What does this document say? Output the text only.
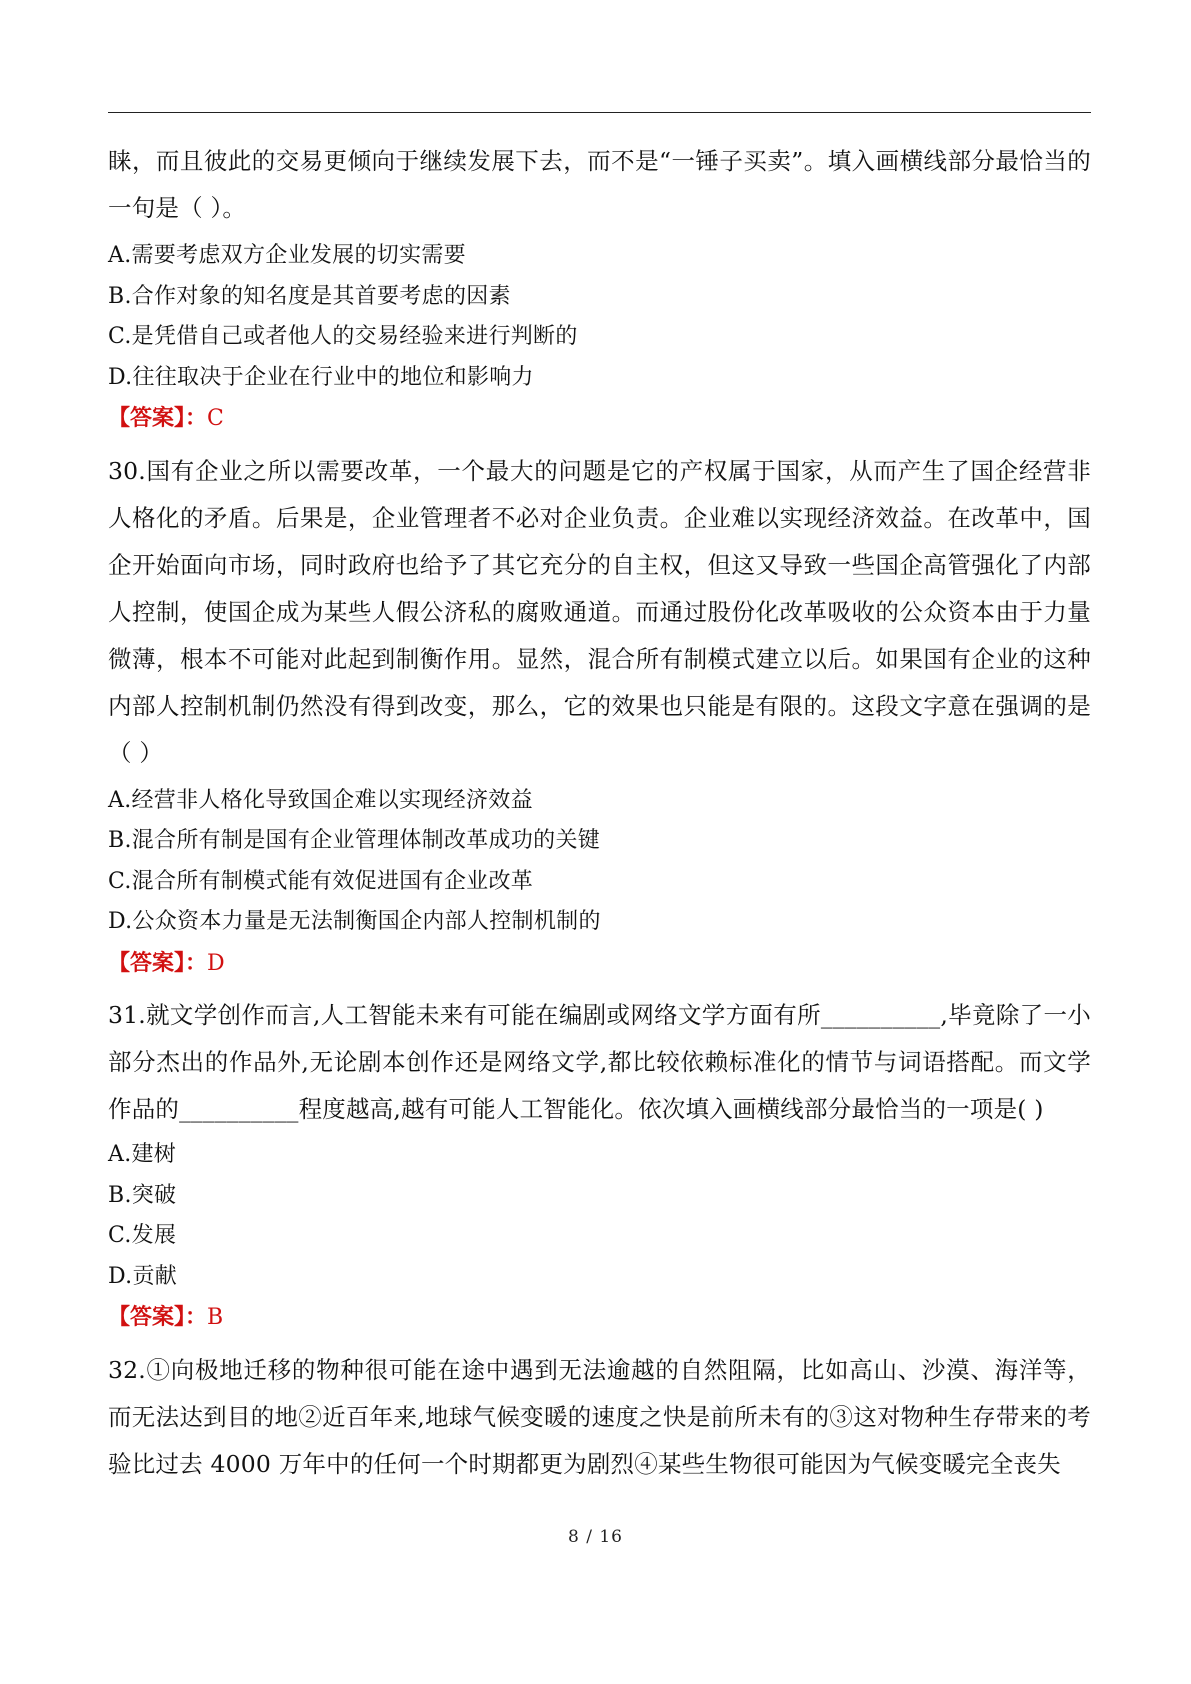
睐，而且彼此的交易更倾向于继续发展下去，而不是“一锤子买卖”。填入画横线部分最恰当的一句是（ ）。

A.需要考虑双方企业发展的切实需要

B.合作对象的知名度是其首要考虑的因素

C.是凭借自己或者他人的交易经验来进行判断的

D.往往取决于企业在行业中的地位和影响力

【答案】：C

30.国有企业之所以需要改革，一个最大的问题是它的产权属于国家，从而产生了国企经营非人格化的矛盾。后果是，企业管理者不必对企业负责。企业难以实现经济效益。在改革中，国企开始面向市场，同时政府也给予了其它充分的自主权，但这又导致一些国企高管强化了内部人控制，使国企成为某些人假公济私的腐败通道。而通过股份化改革吸收的公众资本由于力量微薄，根本不可能对此起到制衡作用。显然，混合所有制模式建立以后。如果国有企业的这种内部人控制机制仍然没有得到改变，那么，它的效果也只能是有限的。这段文字意在强调的是（ ）

A.经营非人格化导致国企难以实现经济效益

B.混合所有制是国有企业管理体制改革成功的关键

C.混合所有制模式能有效促进国有企业改革

D.公众资本力量是无法制衡国企内部人控制机制的

【答案】：D

31.就文学创作而言,人工智能未来有可能在编剧或网络文学方面有所__________,毕竟除了一小部分杰出的作品外,无论剧本创作还是网络文学,都比较依赖标准化的情节与词语搭配。而文学作品的__________程度越高,越有可能人工智能化。依次填入画横线部分最恰当的一项是( )

A.建树

B.突破

C.发展

D.贡献

【答案】：B

32.①向极地迁移的物种很可能在途中遇到无法逾越的自然阻隔，比如高山、沙漠、海洋等，而无法达到目的地②近百年来,地球气候变暖的速度之快是前所未有的③这对物种生存带来的考验比过去 4000 万年中的任何一个时期都更为剧烈④某些生物很可能因为气候变暖完全丧失

8 / 16
